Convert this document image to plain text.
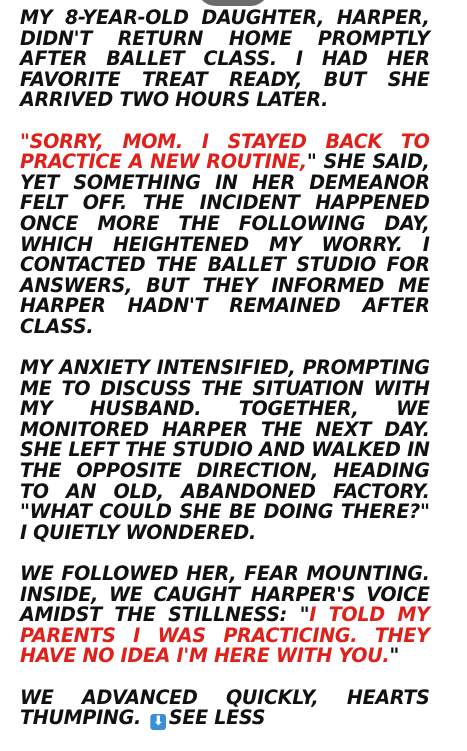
MY 8-YEAR-OLD DAUGHTER, HARPER, DIDN'T RETURN HOME PROMPTLY AFTER BALLET CLASS. I HAD HER FAVORITE TREAT READY, BUT SHE ARRIVED TWO HOURS LATER.

"SORRY, MOM. I STAYED BACK TO PRACTICE A NEW ROUTINE," SHE SAID, YET SOMETHING IN HER DEMEANOR FELT OFF. THE INCIDENT HAPPENED ONCE MORE THE FOLLOWING DAY, WHICH HEIGHTENED MY WORRY. I CONTACTED THE BALLET STUDIO FOR ANSWERS, BUT THEY INFORMED ME HARPER HADN'T REMAINED AFTER CLASS.

MY ANXIETY INTENSIFIED, PROMPTING ME TO DISCUSS THE SITUATION WITH MY HUSBAND. TOGETHER, WE MONITORED HARPER THE NEXT DAY. SHE LEFT THE STUDIO AND WALKED IN THE OPPOSITE DIRECTION, HEADING TO AN OLD, ABANDONED FACTORY. "WHAT COULD SHE BE DOING THERE?" I QUIETLY WONDERED.

WE FOLLOWED HER, FEAR MOUNTING. INSIDE, WE CAUGHT HARPER'S VOICE AMIDST THE STILLNESS: "I TOLD MY PARENTS I WAS PRACTICING. THEY HAVE NO IDEA I'M HERE WITH YOU."

WE ADVANCED QUICKLY, HEARTS THUMPING. ⬇ SEE LESS
